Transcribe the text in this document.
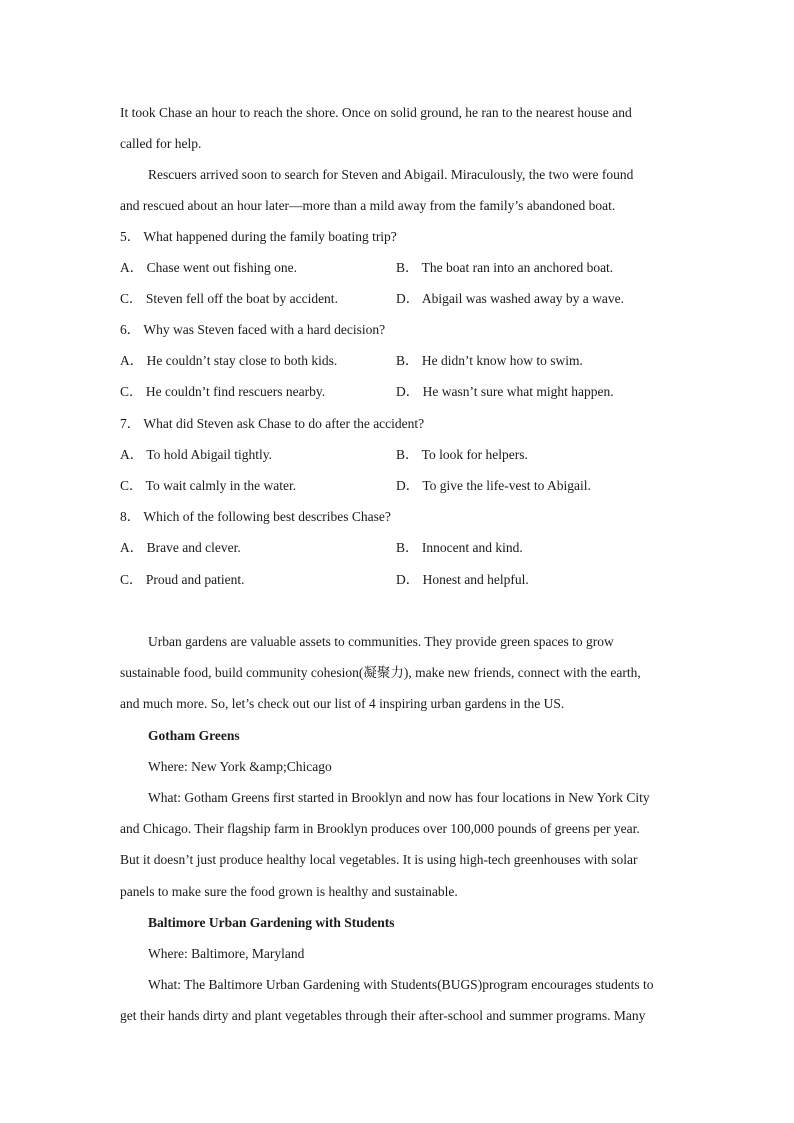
It took Chase an hour to reach the shore. Once on solid ground, he ran to the nearest house and
called for help.
Rescuers arrived soon to search for Steven and Abigail. Miraculously, the two were found
and rescued about an hour later—more than a mild away from the family’s abandoned boat.
5． What happened during the family boating trip?
A． Chase went out fishing one.	B． The boat ran into an anchored boat.
C． Steven fell off the boat by accident.	D． Abigail was washed away by a wave.
6． Why was Steven faced with a hard decision?
A． He couldn’t stay close to both kids.	B． He didn’t know how to swim.
C． He couldn’t find rescuers nearby.	D． He wasn’t sure what might happen.
7． What did Steven ask Chase to do after the accident?
A． To hold Abigail tightly.	B． To look for helpers.
C． To wait calmly in the water.	D． To give the life-vest to Abigail.
8． Which of the following best describes Chase?
A． Brave and clever.	B． Innocent and kind.
C． Proud and patient.	D． Honest and helpful.
Urban gardens are valuable assets to communities. They provide green spaces to grow
sustainable food, build community cohesion(凝聚力), make new friends, connect with the earth,
and much more. So, let’s check out our list of 4 inspiring urban gardens in the US.
Gotham Greens
Where: New York &amp;Chicago
What: Gotham Greens first started in Brooklyn and now has four locations in New York City
and Chicago. Their flagship farm in Brooklyn produces over 100,000 pounds of greens per year.
But it doesn’t just produce healthy local vegetables. It is using high-tech greenhouses with solar
panels to make sure the food grown is healthy and sustainable.
Baltimore Urban Gardening with Students
Where: Baltimore, Maryland
What: The Baltimore Urban Gardening with Students(BUGS)program encourages students to
get their hands dirty and plant vegetables through their after-school and summer programs. Many
